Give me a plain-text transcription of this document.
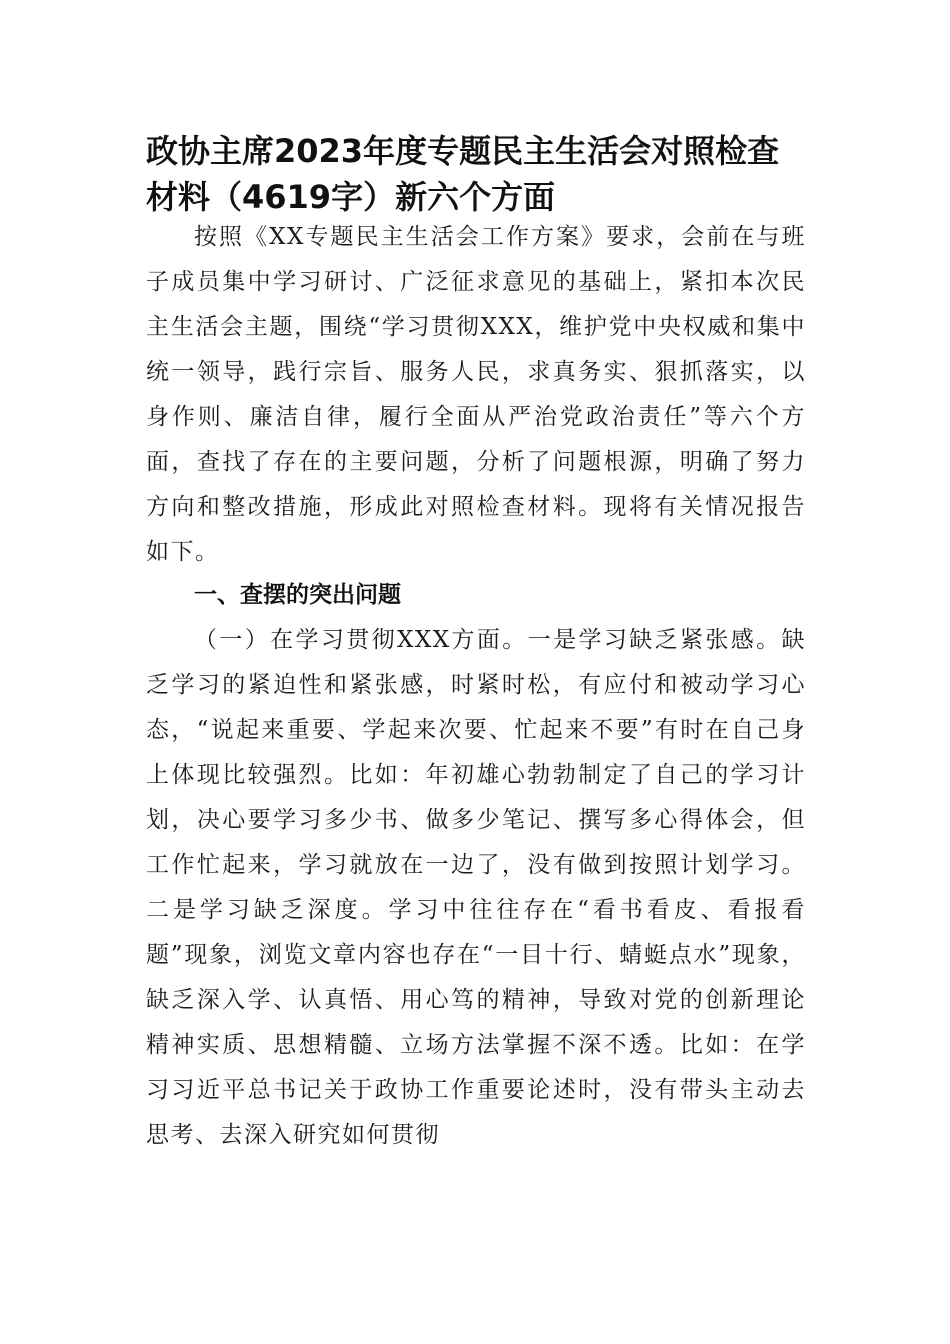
政协主席2023年度专题民主生活会对照检查材料（4619字）新六个方面

按照《XX专题民主生活会工作方案》要求，会前在与班子成员集中学习研讨、广泛征求意见的基础上，紧扣本次民主生活会主题，围绕“学习贯彻XXX，维护党中央权威和集中统一领导，践行宗旨、服务人民，求真务实、狠抓落实，以身作则、廉洁自律，履行全面从严治党政治责任”等六个方面，查找了存在的主要问题，分析了问题根源，明确了努力方向和整改措施，形成此对照检查材料。现将有关情况报告如下。

一、查摆的突出问题

（一）在学习贯彻XXX方面。一是学习缺乏紧张感。缺乏学习的紧迫性和紧张感，时紧时松，有应付和被动学习心态，“说起来重要、学起来次要、忙起来不要”有时在自己身上体现比较强烈。比如：年初雄心勃勃制定了自己的学习计划，决心要学习多少书、做多少笔记、撰写多心得体会，但工作忙起来，学习就放在一边了，没有做到按照计划学习。二是学习缺乏深度。学习中往往存在“看书看皮、看报看题”现象，浏览文章内容也存在“一目十行、蜻蜓点水”现象，缺乏深入学、认真悟、用心笃的精神，导致对党的创新理论精神实质、思想精髓、立场方法掌握不深不透。比如：在学习习近平总书记关于政协工作重要论述时，没有带头主动去思考、去深入研究如何贯彻
